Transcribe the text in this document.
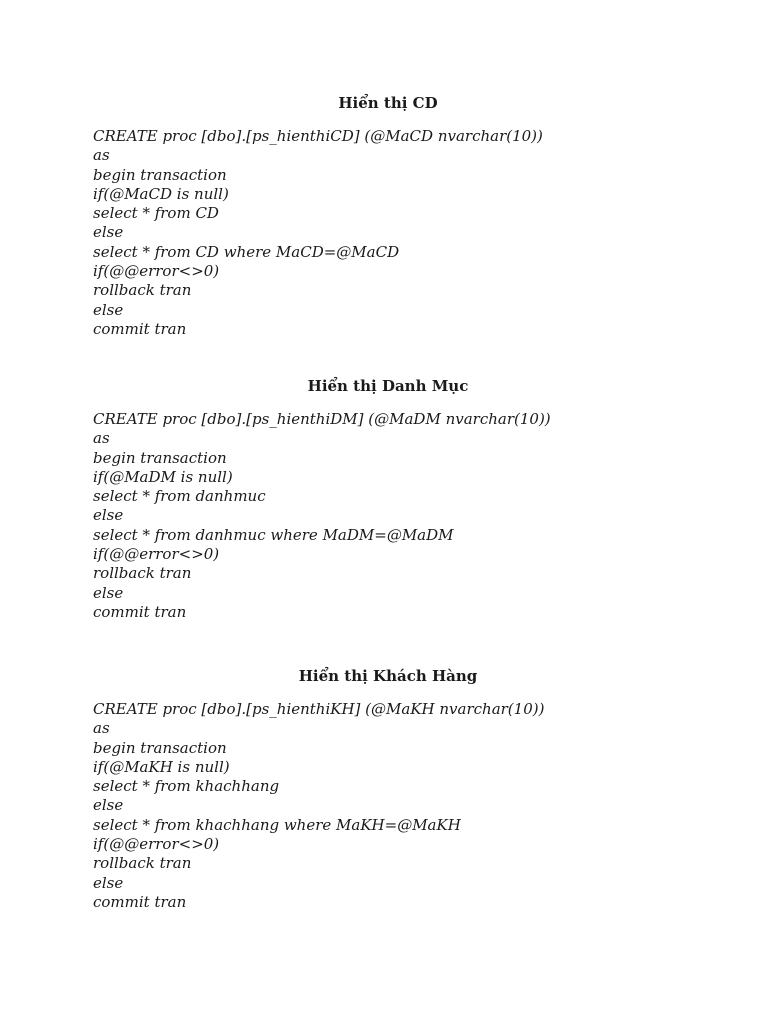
Hiển thị CD
CREATE proc [dbo].[ps_hienthiCD] (@MaCD nvarchar(10))
as
begin transaction
if(@MaCD is null)
select * from CD
else
select * from CD where MaCD=@MaCD
if(@@error<>0)
rollback tran
else
commit tran
Hiển thị Danh Mục
CREATE proc [dbo].[ps_hienthiDM] (@MaDM nvarchar(10))
as
begin transaction
if(@MaDM is null)
select * from danhmuc
else
select * from danhmuc where MaDM=@MaDM
if(@@error<>0)
rollback tran
else
commit tran
Hiển thị Khách Hàng
CREATE proc [dbo].[ps_hienthiKH] (@MaKH nvarchar(10))
as
begin transaction
if(@MaKH is null)
select * from khachhang
else
select * from khachhang where MaKH=@MaKH
if(@@error<>0)
rollback tran
else
commit tran
